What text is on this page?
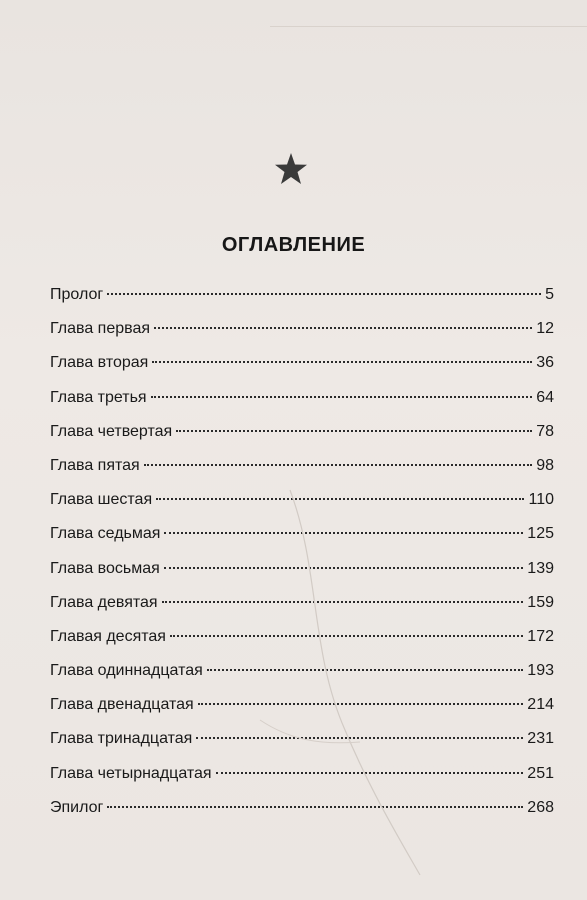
ОГЛАВЛЕНИЕ
Пролог	5
Глава первая	12
Глава вторая	36
Глава третья	64
Глава четвертая	78
Глава пятая	98
Глава шестая	110
Глава седьмая	125
Глава восьмая	139
Глава девятая	159
Главая десятая	172
Глава одиннадцатая	193
Глава двенадцатая	214
Глава тринадцатая	231
Глава четырнадцатая	251
Эпилог	268
